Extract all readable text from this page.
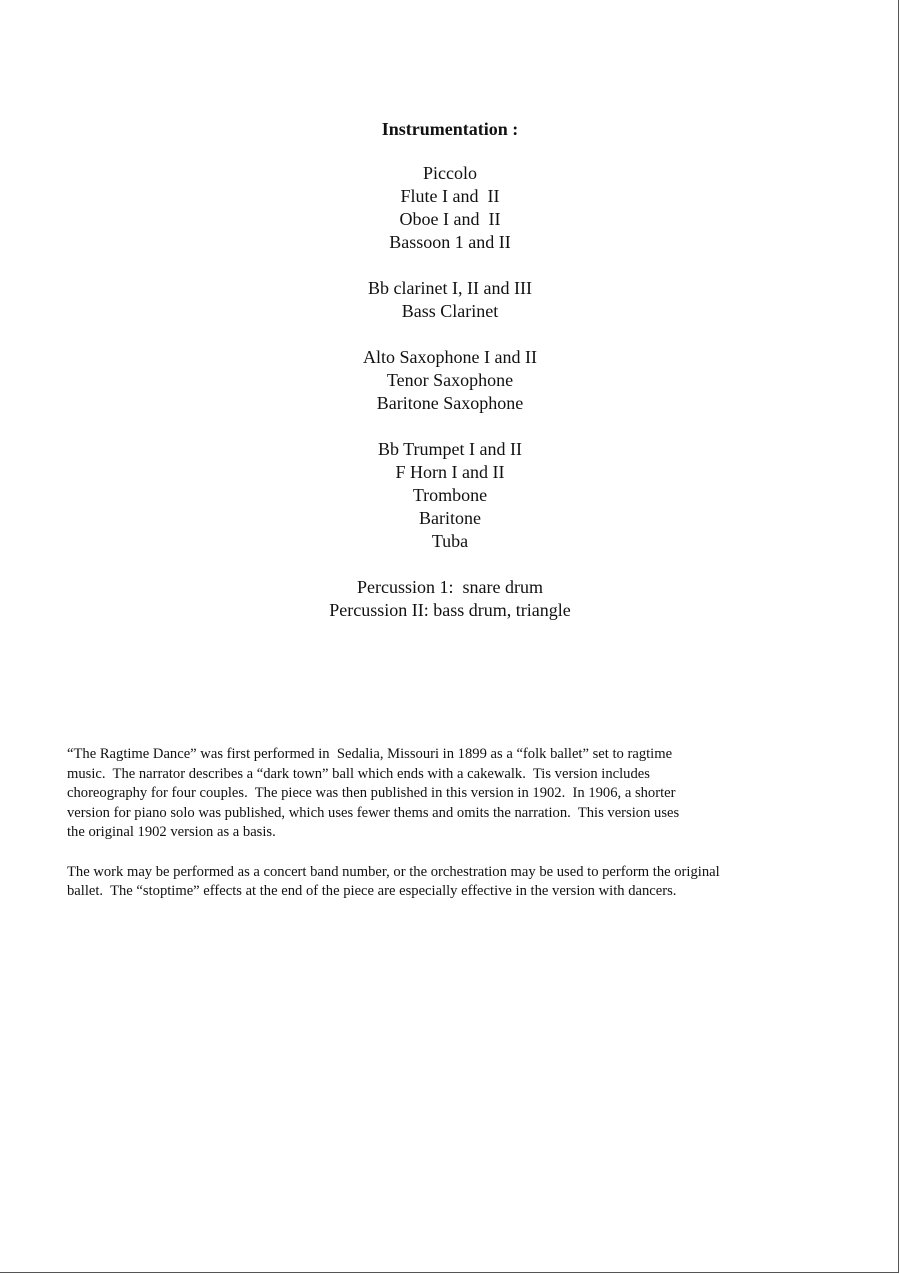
Instrumentation :
Piccolo
Flute I and  II
Oboe I and  II
Bassoon 1 and II
Bb clarinet I, II and III
Bass Clarinet
Alto Saxophone I and II
Tenor Saxophone
Baritone Saxophone
Bb Trumpet I and II
F Horn I and II
Trombone
Baritone
Tuba
Percussion 1:  snare drum
Percussion II: bass drum, triangle

“The Ragtime Dance” was first performed in  Sedalia, Missouri in 1899 as a “folk ballet” set to ragtime
music.  The narrator describes a “dark town” ball which ends with a cakewalk.  Tis version includes
choreography for four couples.  The piece was then published in this version in 1902.  In 1906, a shorter
version for piano solo was published, which uses fewer thems and omits the narration.  This version uses
the original 1902 version as a basis.

The work may be performed as a concert band number, or the orchestration may be used to perform the original
ballet.  The “stoptime” effects at the end of the piece are especially effective in the version with dancers.
